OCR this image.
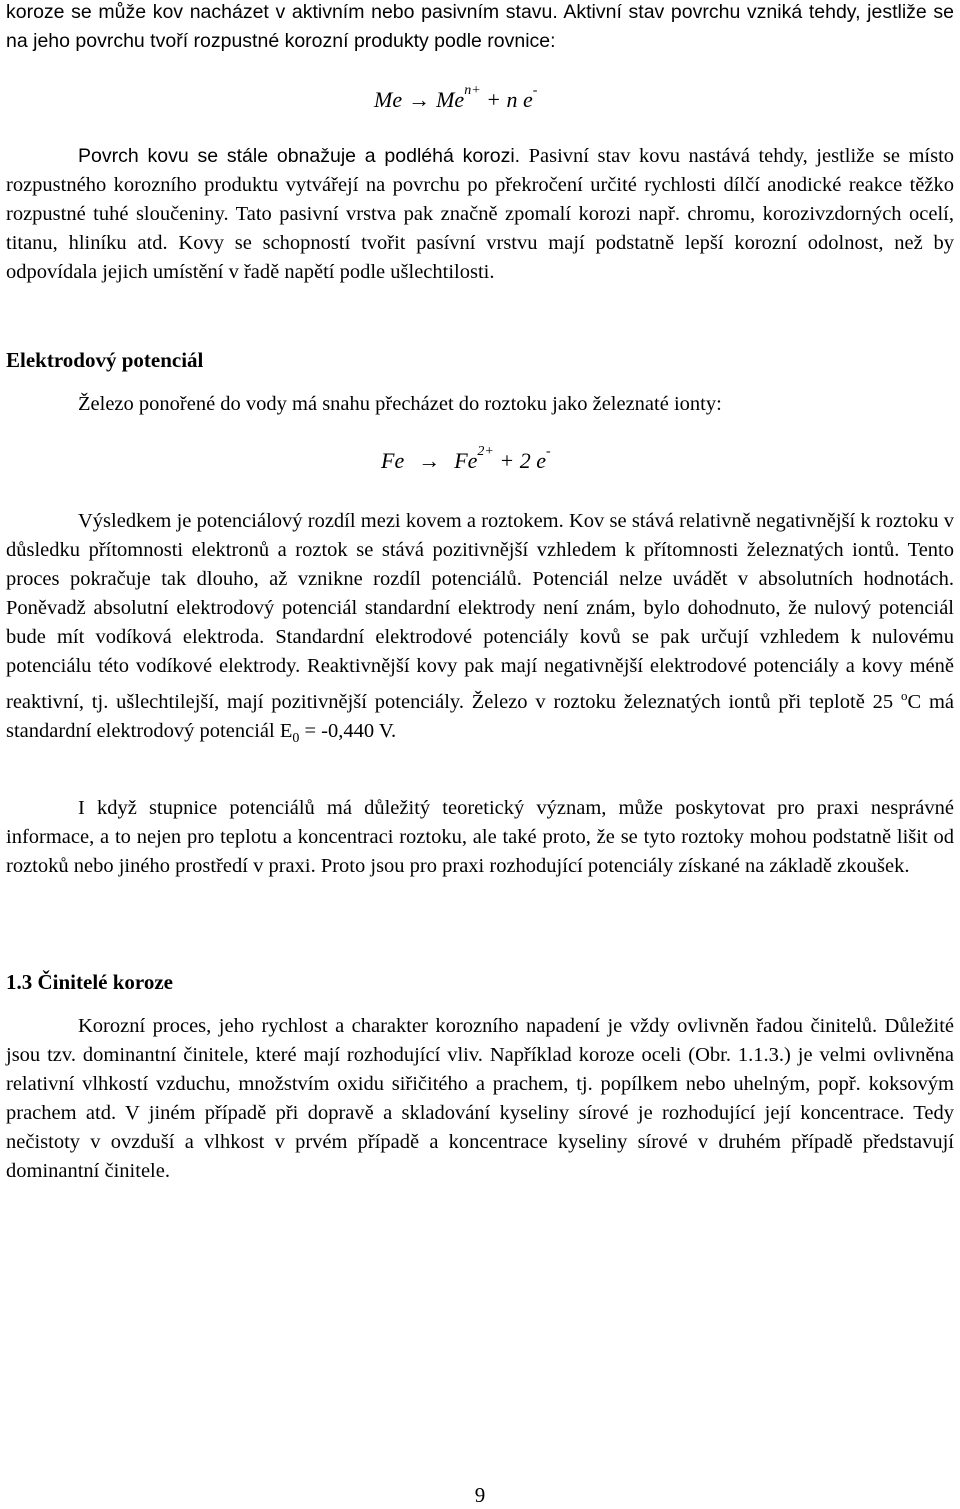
koroze se může kov nacházet v aktivním nebo pasivním stavu. Aktivní stav povrchu vzniká tehdy, jestliže se na jeho povrchu tvoří rozpustné korozní produkty podle rovnice:

$Me \to Me^{n+} + n$ e-

Povrch kovu se stále obnažuje a podléhá korozi. Pasivní stav kovu nastává tehdy, jestliže se místo rozpustného korozního produktu vytvářejí na povrchu po překročení určité rychlosti dílčí anodické reakce těžko rozpustné tuhé sloučeniny. Tato pasivní vrstva pak značně zpomalí korozi např. chromu, korozivzdorných ocelí, titanu, hliníku atd. Kovy se schopností tvořit pasívní vrstvu mají podstatně lepší korozní odolnost, než by odpovídala jejich umístění v řadě napětí podle ušlechtilosti.

Elektrodový potenciál

Železo ponořené do vody má snahu přecházet do roztoku jako železnaté ionty:

$Fe \to Fe^{2+} + 2$ e-

Výsledkem je potenciálový rozdíl mezi kovem a roztokem. Kov se stává relativně negativnější k roztoku v důsledku přítomnosti elektronů a roztok se stává pozitivnější vzhledem k přítomnosti železnatých iontů. Tento proces pokračuje tak dlouho, až vznikne rozdíl potenciálů. Potenciál nelze uvádět v absolutních hodnotách. Poněvadž absolutní elektrodový potenciál standardní elektrody není znám, bylo dohodnuto, že nulový potenciál bude mít vodíková elektroda. Standardní elektrodové potenciály kovů se pak určují vzhledem k nulovému potenciálu této vodíkové elektrody. Reaktivnější kovy pak mají negativnější elektrodové potenciály a kovy méně reaktivní, tj. ušlechtilejší, mají pozitivnější potenciály. Železo v roztoku železnatých iontů při teplotě 25 $^o$C má standardní elektrodový potenciál $E_0 = -0,440$ V.

I když stupnice potenciálů má důležitý teoretický význam, může poskytovat pro praxi nesprávné informace, a to nejen pro teplotu a koncentraci roztoku, ale také proto, že se tyto roztoky mohou podstatně lišit od roztoků nebo jiného prostředí v praxi. Proto jsou pro praxi rozhodující potenciály získané na základě zkoušek.

1.3 Činitelé koroze

Korozní proces, jeho rychlost a charakter korozního napadení je vždy ovlivněn řadou činitelů. Důležité jsou tzv. dominantní činitele, které mají rozhodující vliv. Například koroze oceli (Obr. 1.1.3.) je velmi ovlivněna relativní vlhkostí vzduchu, množstvím oxidu siřičitého a prachem, tj. popílkem nebo uhelným, popř. koksovým prachem atd. V jiném případě při dopravě a skladování kyseliny sírové je rozhodující její koncentrace. Tedy nečistoty v ovzduší a vlhkost v prvém případě a koncentrace kyseliny sírové v druhém případě představují dominantní činitele.

9
